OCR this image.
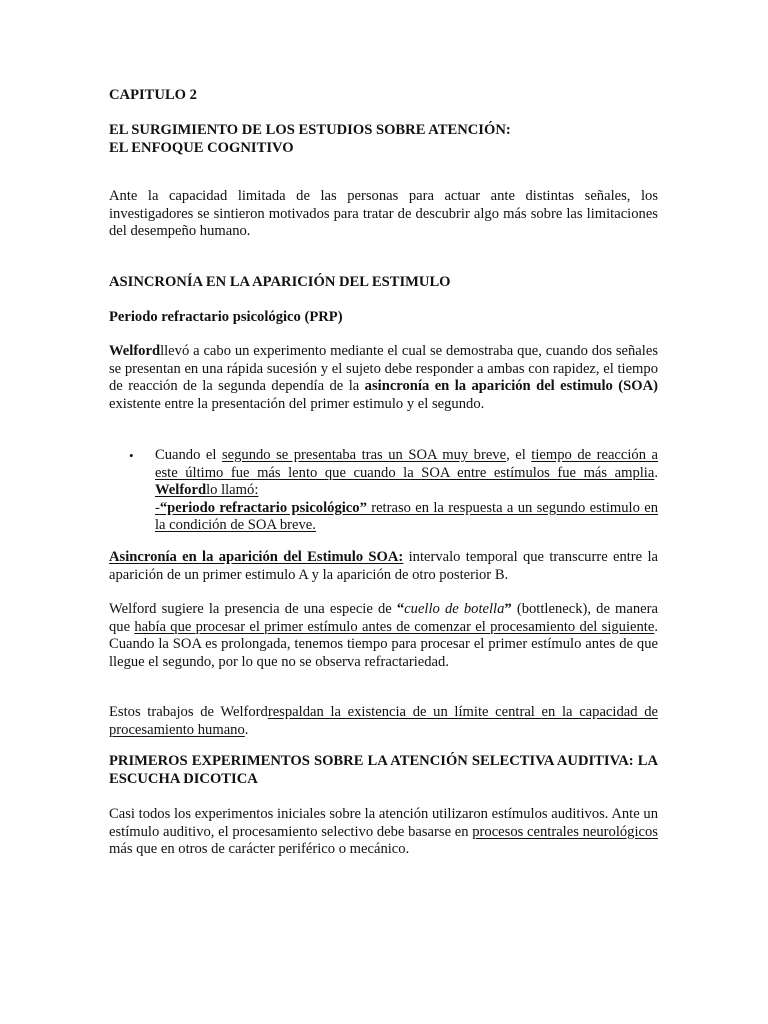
CAPITULO 2

EL SURGIMIENTO DE LOS ESTUDIOS SOBRE ATENCIÓN:
EL ENFOQUE COGNITIVO

Ante la capacidad limitada de las personas para actuar ante distintas señales, los investigadores se sintieron motivados para tratar de descubrir algo más sobre las limitaciones del desempeño humano.

ASINCRONÍA EN LA APARICIÓN DEL ESTIMULO

Periodo refractario psicológico (PRP)

Welfordllevó a cabo un experimento mediante el cual se demostraba que, cuando dos señales se presentan en una rápida sucesión y el sujeto debe responder a ambas con rapidez, el tiempo de reacción de la segunda dependía de la asincronía en la aparición del estimulo (SOA) existente entre la presentación del primer estimulo y el segundo.

•	Cuando el segundo se presentaba tras un SOA muy breve, el tiempo de reacción a este último fue más lento que cuando la SOA entre estímulos fue más amplia. Welfordlo llamó:
-“periodo refractario psicológico” retraso en la respuesta a un segundo estimulo en la condición de SOA breve.

Asincronía en la aparición del Estimulo SOA: intervalo temporal que transcurre entre la aparición de un primer estimulo A y la aparición de otro posterior B.

Welford sugiere la presencia de una especie de “cuello de botella” (bottleneck), de manera que había que procesar el primer estímulo antes de comenzar el procesamiento del siguiente. Cuando la SOA es prolongada, tenemos tiempo para procesar el primer estímulo antes de que llegue el segundo, por lo que no se observa refractariedad.

Estos trabajos de Welfordrespaldan la existencia de un límite central en la capacidad de procesamiento humano.

PRIMEROS EXPERIMENTOS SOBRE LA ATENCIÓN SELECTIVA AUDITIVA: LA ESCUCHA DICOTICA

Casi todos los experimentos iniciales sobre la atención utilizaron estímulos auditivos. Ante un estímulo auditivo, el procesamiento selectivo debe basarse en procesos centrales neurológicos más que en otros de carácter periférico o mecánico.
